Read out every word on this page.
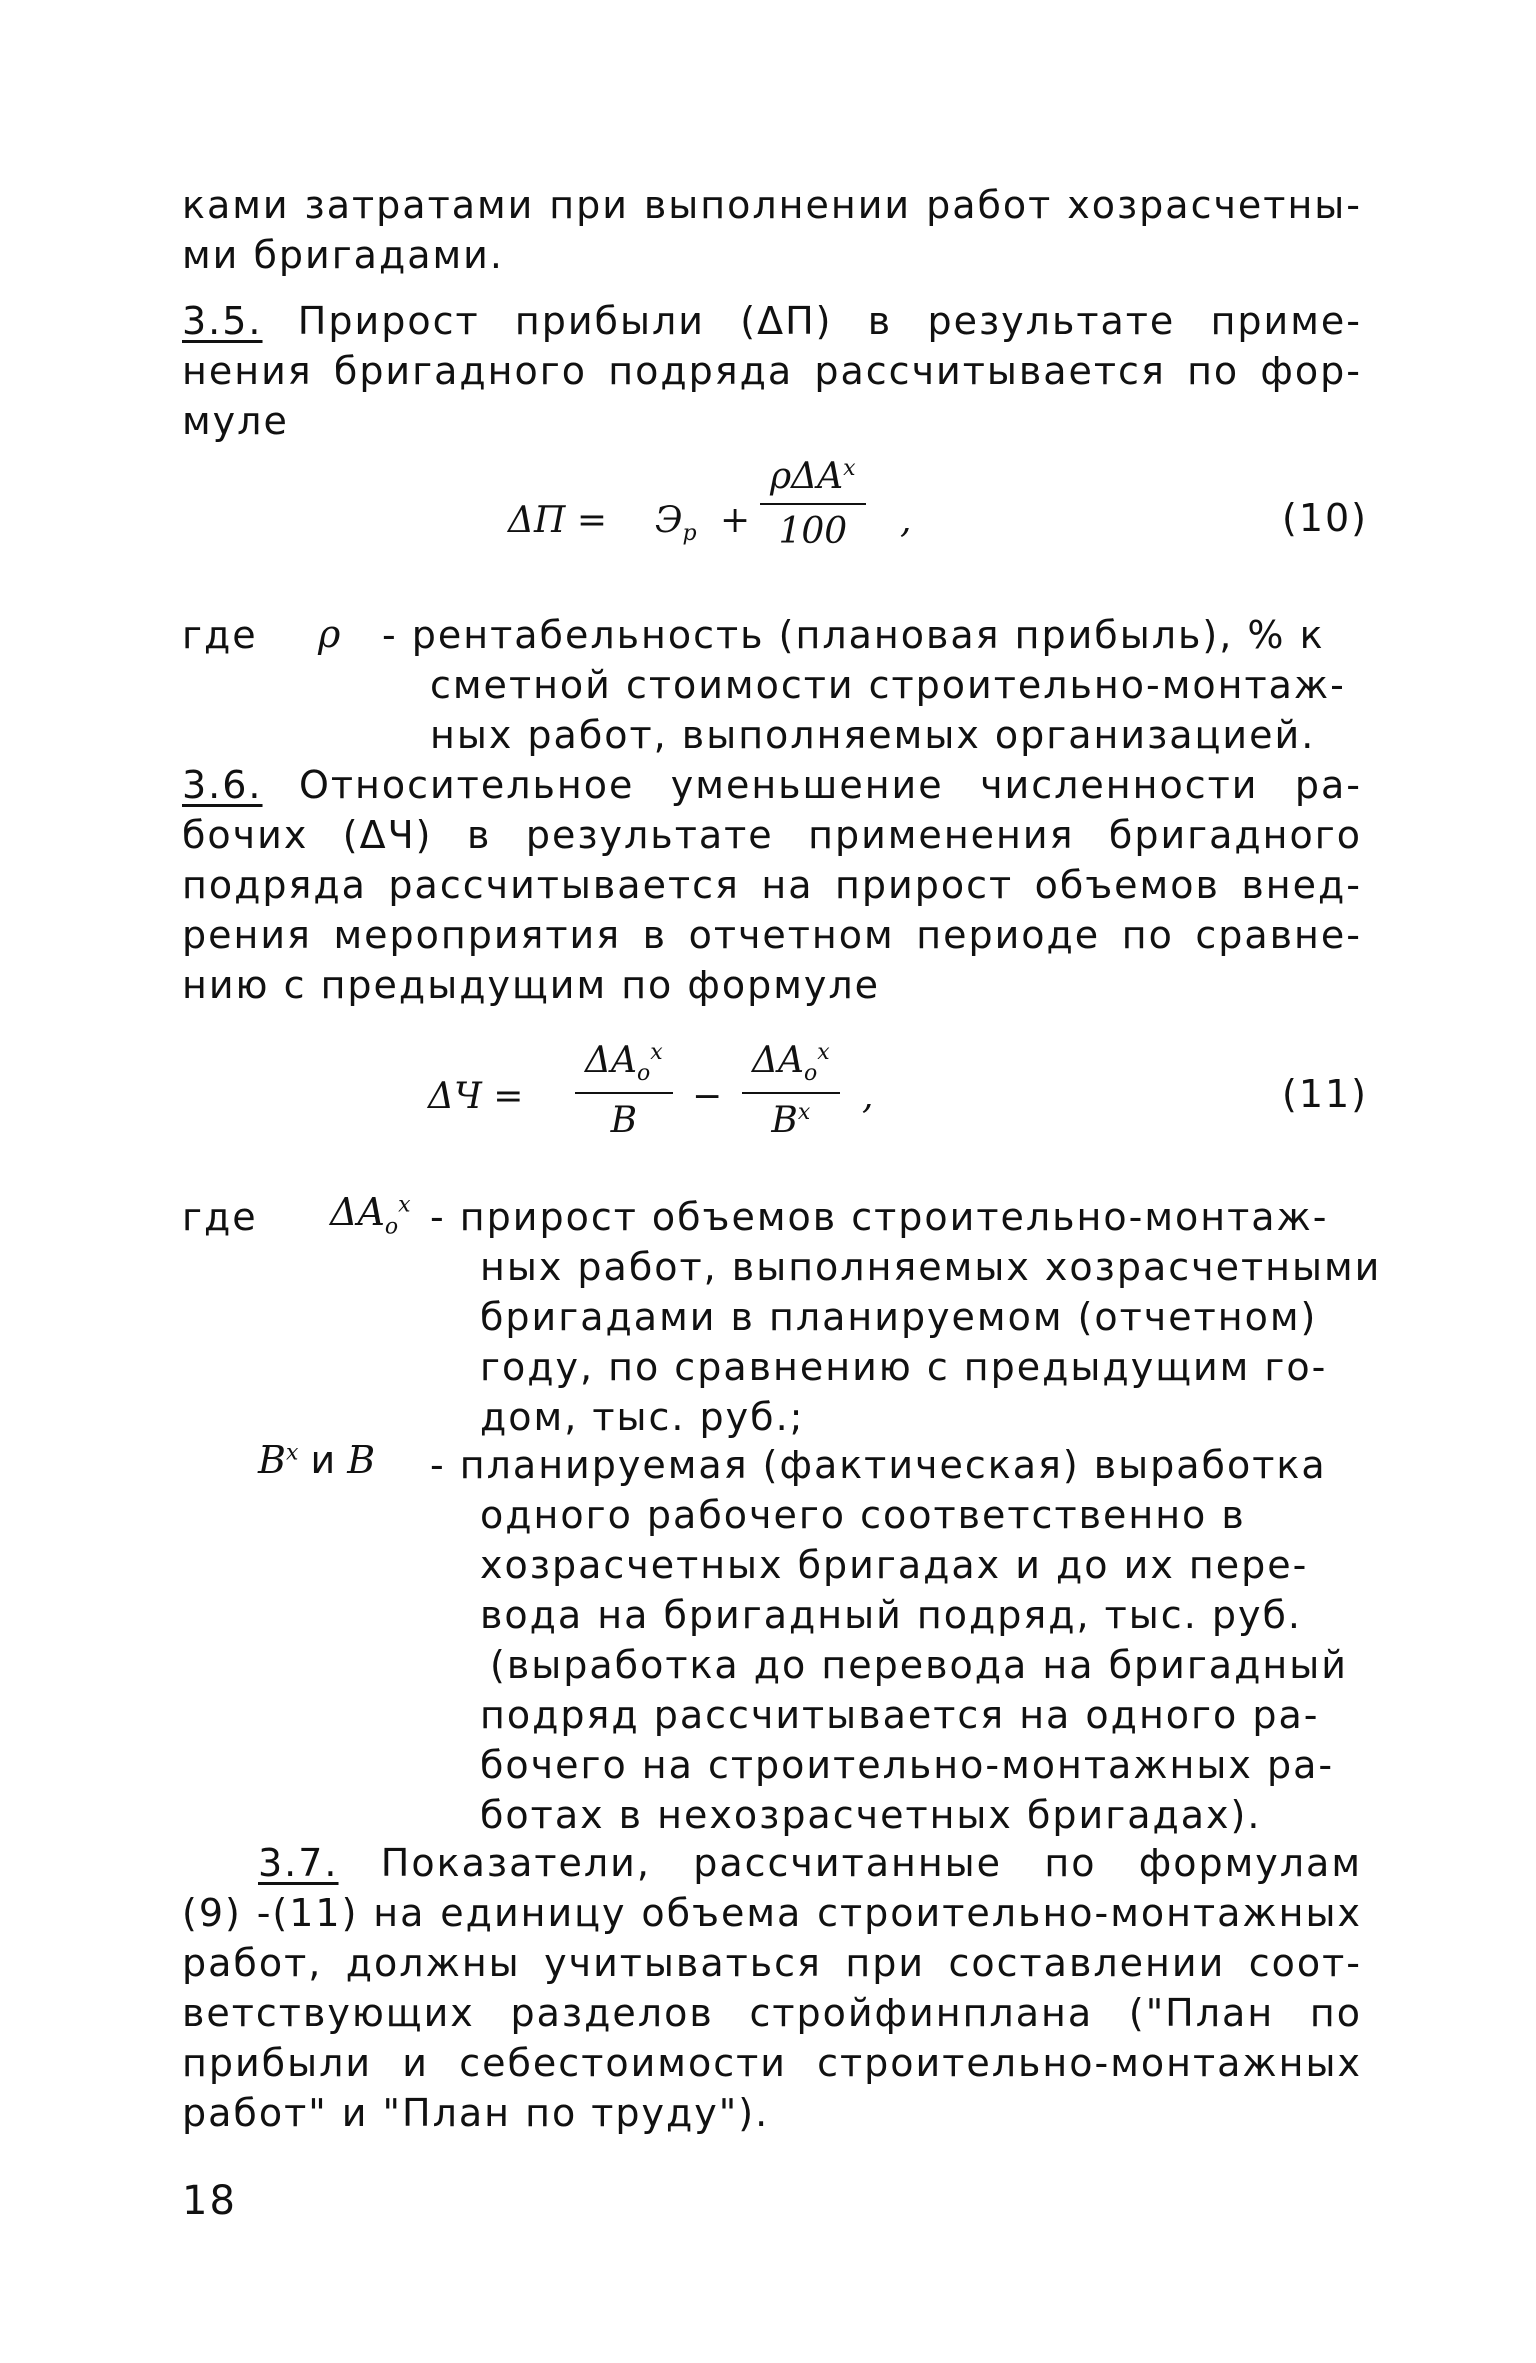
ками затратами при выполнении работ хозрасчетны-
ми бригадами.
3.5. Прирост прибыли (ΔП) в результате приме-
нения бригадного подряда рассчитывается по фор-
муле
$\Delta П = Э_р$ +
ρΔA$^x$
100	,	(10)
где ρ - рентабельность (плановая прибыль), % к
сметной стоимости строительно-монтаж-
ных работ, выполняемых организацией.
3.6. Относительное уменьшение численности ра-
бочих (ΔЧ) в результате применения бригадного
подряда рассчитывается на прирост объемов внед-
рения мероприятия в отчетном периоде по сравне-
нию с предыдущим по формуле
ΔЧ =
$\Delta A_o^x$
B
−
$\Delta A_o^x$
$B^x$	,	(11)
где $\Delta A_o^x$ - прирост объемов строительно-монтаж-
ных работ, выполняемых хозрасчетными
бригадами в планируемом (отчетном)
году, по сравнению с предыдущим го-
дом, тыс. руб.;
$B^x$ и B - планируемая (фактическая) выработка
одного рабочего соответственно в
хозрасчетных бригадах и до их пере-
вода на бригадный подряд, тыс. руб.
(выработка до перевода на бригадный
подряд рассчитывается на одного ра-
бочего на строительно-монтажных ра-
ботах в нехозрасчетных бригадах).
3.7. Показатели, рассчитанные по формулам
(9) -(11) на единицу объема строительно-монтажных
работ, должны учитываться при составлении соот-
ветствующих разделов стройфинплана ("План по
прибыли и себестоимости строительно-монтажных
работ" и "План по труду").
18
